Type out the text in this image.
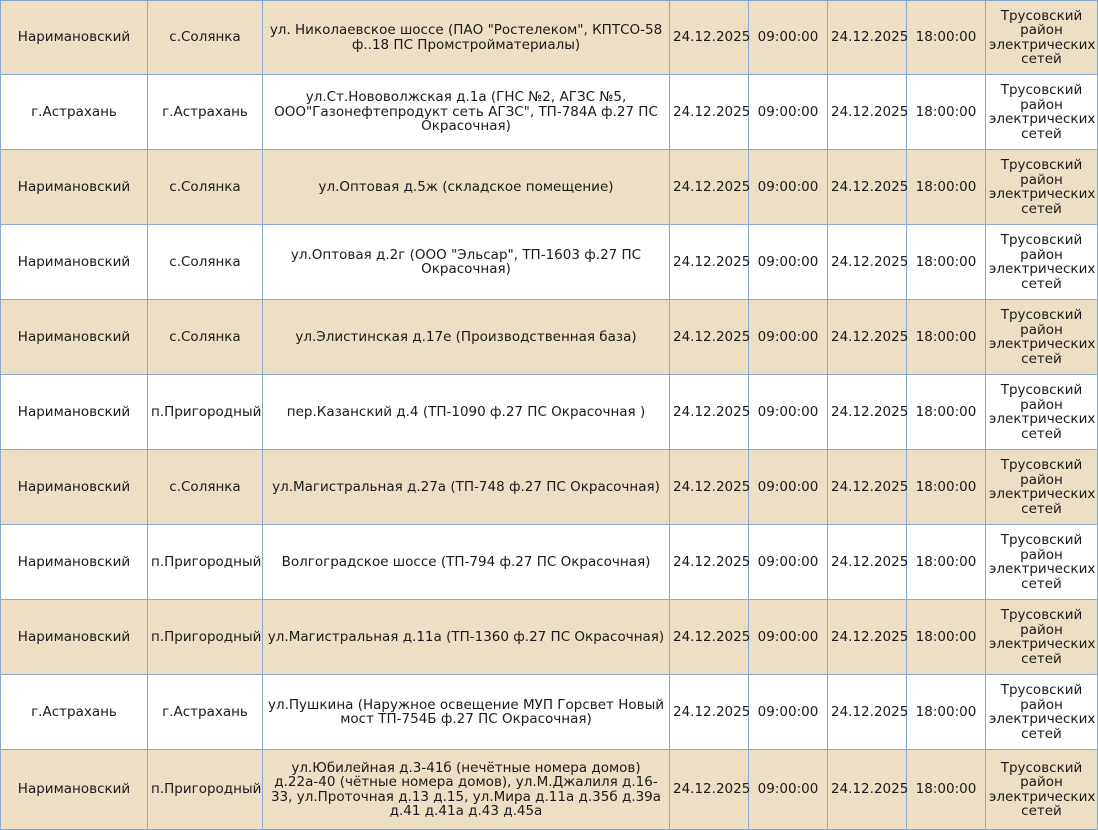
Наримановский	с.Солянка	ул. Николаевское шоссе (ПАО "Ростелеком", КПТСО-58 ф..18 ПС Промстройматериалы)	24.12.2025	09:00:00	24.12.2025	18:00:00	Трусовский район электрических сетей
г.Астрахань	г.Астрахань	ул.Ст.Нововолжская д.1а (ГНС №2, АГЗС №5, ООО"Газонефтепродукт сеть АГЗС", ТП-784А ф.27 ПС Окрасочная)	24.12.2025	09:00:00	24.12.2025	18:00:00	Трусовский район электрических сетей
Наримановский	с.Солянка	ул.Оптовая д.5ж (складское помещение)	24.12.2025	09:00:00	24.12.2025	18:00:00	Трусовский район электрических сетей
Наримановский	с.Солянка	ул.Оптовая д.2г (ООО "Эльсар", ТП-1603 ф.27 ПС Окрасочная)	24.12.2025	09:00:00	24.12.2025	18:00:00	Трусовский район электрических сетей
Наримановский	с.Солянка	ул.Элистинская д.17е (Производственная база)	24.12.2025	09:00:00	24.12.2025	18:00:00	Трусовский район электрических сетей
Наримановский	п.Пригородный	пер.Казанский д.4 (ТП-1090 ф.27 ПС Окрасочная )	24.12.2025	09:00:00	24.12.2025	18:00:00	Трусовский район электрических сетей
Наримановский	с.Солянка	ул.Магистральная д.27а (ТП-748 ф.27 ПС Окрасочная)	24.12.2025	09:00:00	24.12.2025	18:00:00	Трусовский район электрических сетей
Наримановский	п.Пригородный	Волгоградское шоссе (ТП-794 ф.27 ПС Окрасочная)	24.12.2025	09:00:00	24.12.2025	18:00:00	Трусовский район электрических сетей
Наримановский	п.Пригородный	ул.Магистральная д.11а (ТП-1360 ф.27 ПС Окрасочная)	24.12.2025	09:00:00	24.12.2025	18:00:00	Трусовский район электрических сетей
г.Астрахань	г.Астрахань	ул.Пушкина (Наружное освещение МУП Горсвет Новый мост ТП-754Б ф.27 ПС Окрасочная)	24.12.2025	09:00:00	24.12.2025	18:00:00	Трусовский район электрических сетей
Наримановский	п.Пригородный	ул.Юбилейная д.3-41б (нечётные номера домов) д.22а-40 (чётные номера домов), ул.М.Джалиля д.16-33, ул.Проточная д.13 д.15, ул.Мира д.11а д.35б д.39а д.41 д.41а д.43 д.45а	24.12.2025	09:00:00	24.12.2025	18:00:00	Трусовский район электрических сетей
